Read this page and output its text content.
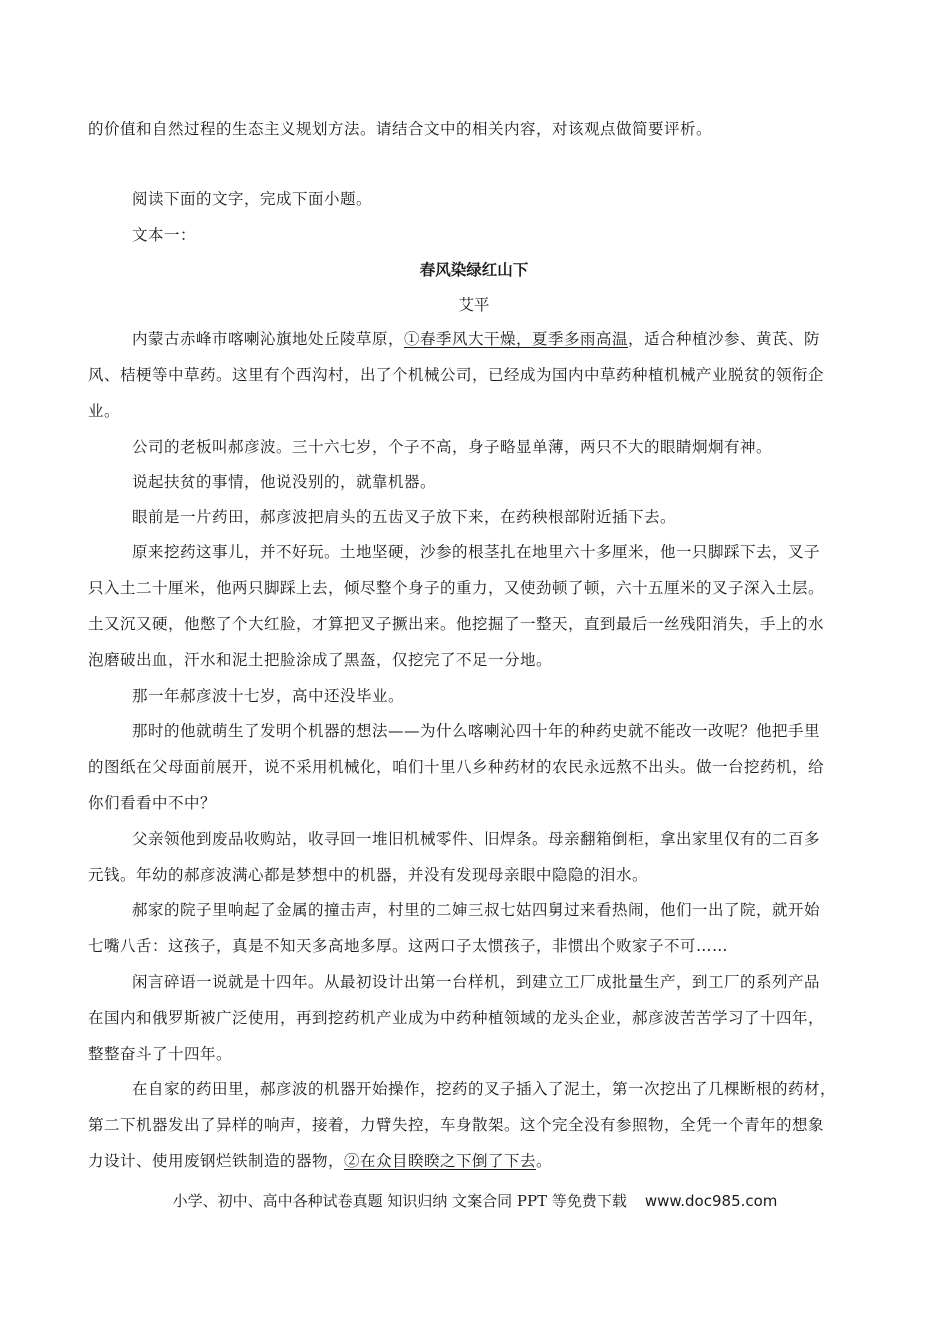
的价值和自然过程的生态主义规划方法。请结合文中的相关内容，对该观点做简要评析。
阅读下面的文字，完成下面小题。
文本一：
春风染绿红山下
艾平
内蒙古赤峰市喀喇沁旗地处丘陵草原，①春季风大干燥，夏季多雨高温，适合种植沙参、黄芪、防
风、桔梗等中草药。这里有个西沟村，出了个机械公司，已经成为国内中草药种植机械产业脱贫的领衔企
业。
公司的老板叫郝彦波。三十六七岁，个子不高，身子略显单薄，两只不大的眼睛炯炯有神。
说起扶贫的事情，他说没别的，就靠机器。
眼前是一片药田，郝彦波把肩头的五齿叉子放下来，在药秧根部附近插下去。
原来挖药这事儿，并不好玩。土地坚硬，沙参的根茎扎在地里六十多厘米，他一只脚踩下去，叉子
只入土二十厘米，他两只脚踩上去，倾尽整个身子的重力，又使劲顿了顿，六十五厘米的叉子深入土层。
土又沉又硬，他憋了个大红脸，才算把叉子撅出来。他挖掘了一整天，直到最后一丝残阳消失，手上的水
泡磨破出血，汗水和泥土把脸涂成了黑盔，仅挖完了不足一分地。
那一年郝彦波十七岁，高中还没毕业。
那时的他就萌生了发明个机器的想法——为什么喀喇沁四十年的种药史就不能改一改呢？他把手里
的图纸在父母面前展开，说不采用机械化，咱们十里八乡种药材的农民永远熬不出头。做一台挖药机，给
你们看看中不中？
父亲领他到废品收购站，收寻回一堆旧机械零件、旧焊条。母亲翻箱倒柜，拿出家里仅有的二百多
元钱。年幼的郝彦波满心都是梦想中的机器，并没有发现母亲眼中隐隐的泪水。
郝家的院子里响起了金属的撞击声，村里的二婶三叔七姑四舅过来看热闹，他们一出了院，就开始
七嘴八舌：这孩子，真是不知天多高地多厚。这两口子太惯孩子，非惯出个败家子不可……
闲言碎语一说就是十四年。从最初设计出第一台样机，到建立工厂成批量生产，到工厂的系列产品
在国内和俄罗斯被广泛使用，再到挖药机产业成为中药种植领域的龙头企业，郝彦波苦苦学习了十四年，
整整奋斗了十四年。
在自家的药田里，郝彦波的机器开始操作，挖药的叉子插入了泥土，第一次挖出了几棵断根的药材，
第二下机器发出了异样的响声，接着，力臂失控，车身散架。这个完全没有参照物，全凭一个青年的想象
力设计、使用废钢烂铁制造的器物，②在众目睽睽之下倒了下去。
小学、初中、高中各种试卷真题 知识归纳 文案合同 PPT 等免费下载 www.doc985.com
